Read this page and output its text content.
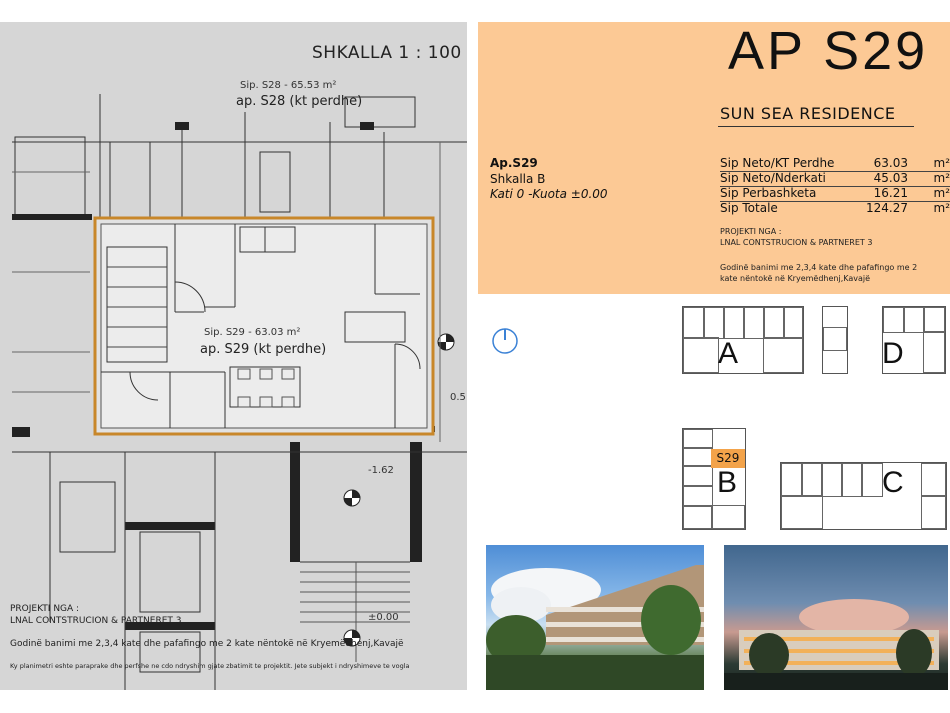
SHKALLA 1 : 100
Sip. S28 - 65.53 m²
ap. S28 (kt perdhe)
Sip. S29 - 63.03 m²
ap. S29 (kt perdhe)
-1.62
±0.00
0.5
PROJEKTI NGA :
LNAL CONTSTRUCION & PARTNERET 3
Godinë banimi me 2,3,4 kate dhe pafafingo me 2 kate nëntokë në Kryemëdhenj,Kavajë
Ky planimetri eshte paraprake dhe perfshe ne cdo ndryshim gjate zbatimit te projektit. Jete subjekt i ndryshimeve te vogla
AP S29
SUN SEA RESIDENCE
Ap.S29
Shkalla B
Kati 0 -Kuota ±0.00
Sip Neto/KT Perdhe	63.03 m²
Sip Neto/Nderkati	45.03 m²
Sip Perbashketa	16.21 m²
Sip Totale	124.27 m²
PROJEKTI NGA :
LNAL CONTSTRUCION & PARTNERET 3
Godinë banimi me 2,3,4 kate dhe pafafingo me 2
kate nëntokë në Kryemëdhenj,Kavajë
A	D
S29
B	C
